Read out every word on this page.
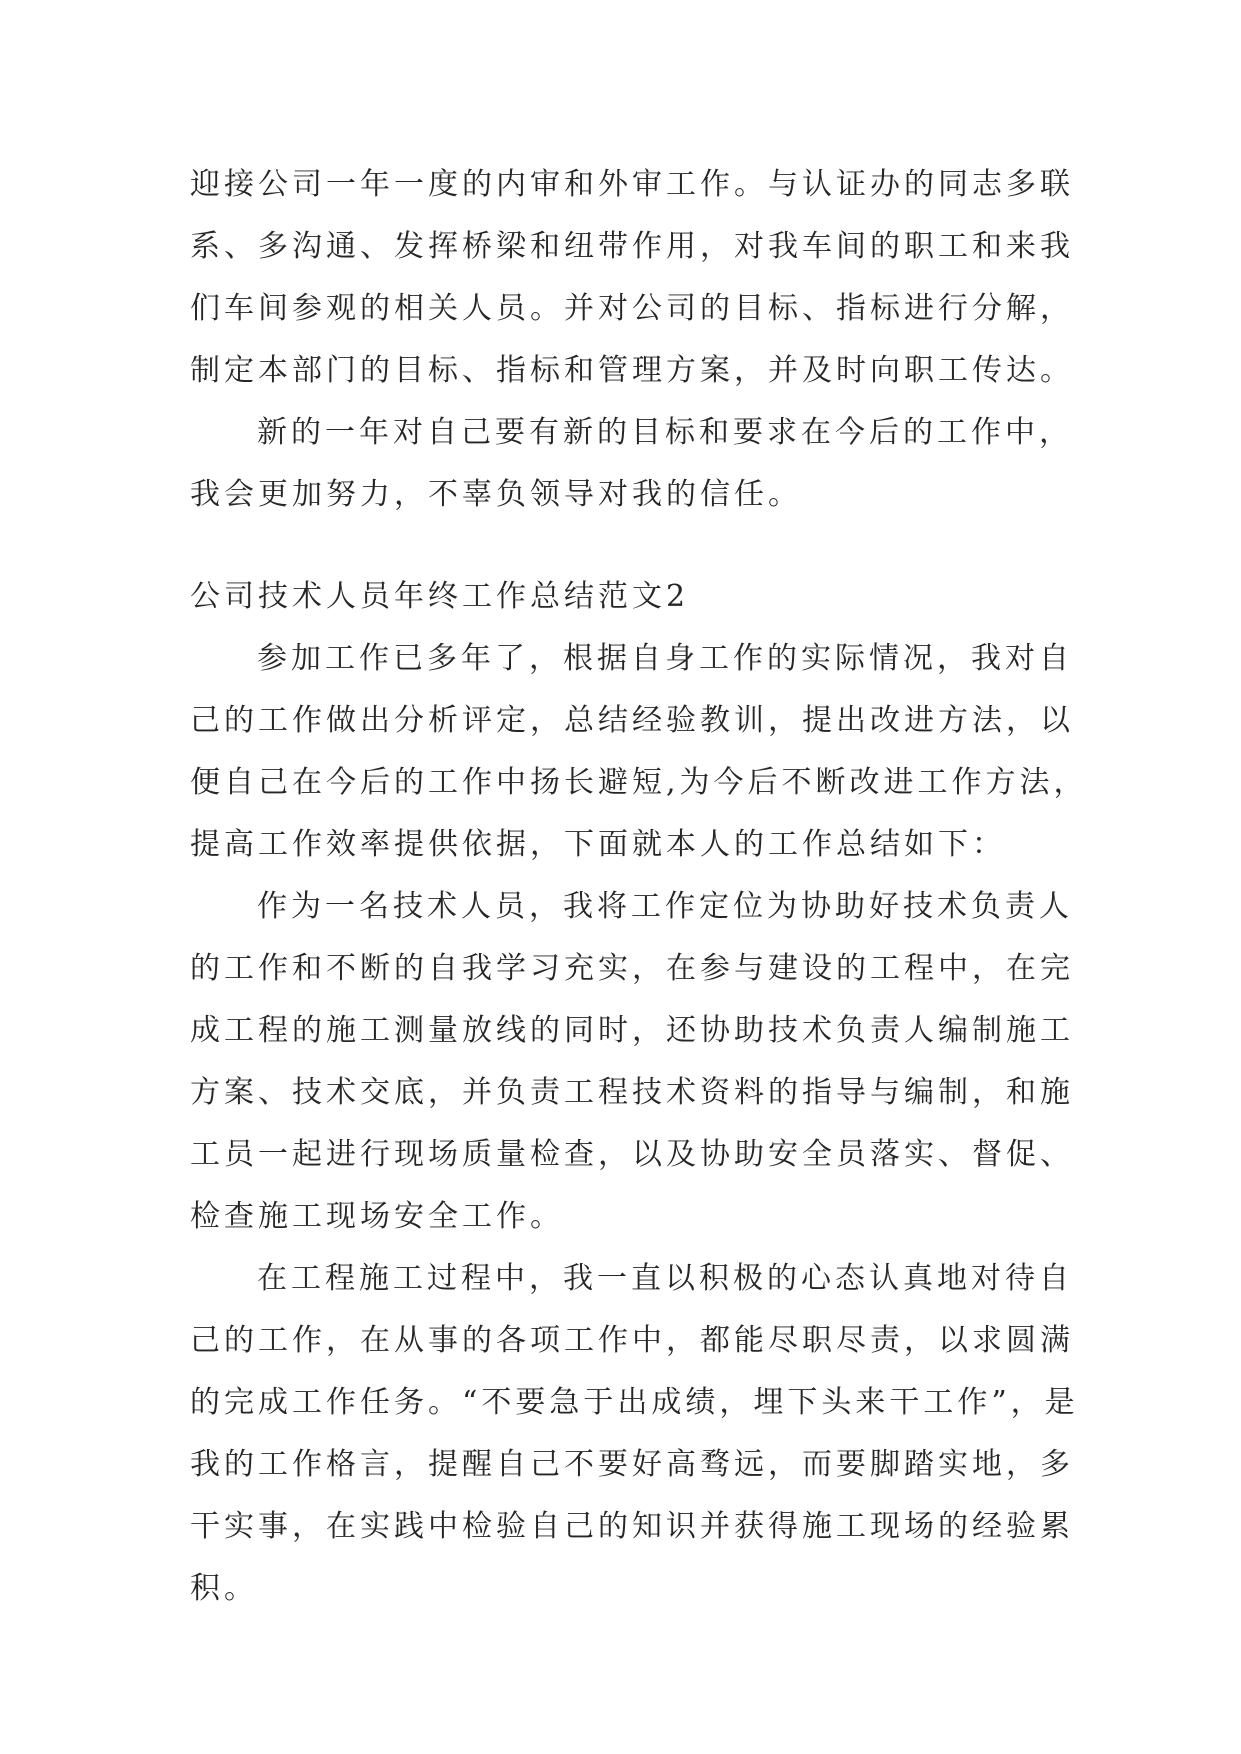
迎接公司一年一度的内审和外审工作。与认证办的同志多联
系、多沟通、发挥桥梁和纽带作用，对我车间的职工和来我
们车间参观的相关人员。并对公司的目标、指标进行分解，
制定本部门的目标、指标和管理方案，并及时向职工传达。
新的一年对自己要有新的目标和要求在今后的工作中，
我会更加努力，不辜负领导对我的信任。
公司技术人员年终工作总结范文2
参加工作已多年了，根据自身工作的实际情况，我对自
己的工作做出分析评定，总结经验教训，提出改进方法，以
便自己在今后的工作中扬长避短,为今后不断改进工作方法，
提高工作效率提供依据，下面就本人的工作总结如下：
作为一名技术人员，我将工作定位为协助好技术负责人
的工作和不断的自我学习充实，在参与建设的工程中，在完
成工程的施工测量放线的同时，还协助技术负责人编制施工
方案、技术交底，并负责工程技术资料的指导与编制，和施
工员一起进行现场质量检查，以及协助安全员落实、督促、
检查施工现场安全工作。
在工程施工过程中，我一直以积极的心态认真地对待自
己的工作，在从事的各项工作中，都能尽职尽责，以求圆满
的完成工作任务。“不要急于出成绩，埋下头来干工作”，是
我的工作格言，提醒自己不要好高骛远，而要脚踏实地，多
干实事，在实践中检验自己的知识并获得施工现场的经验累
积。
